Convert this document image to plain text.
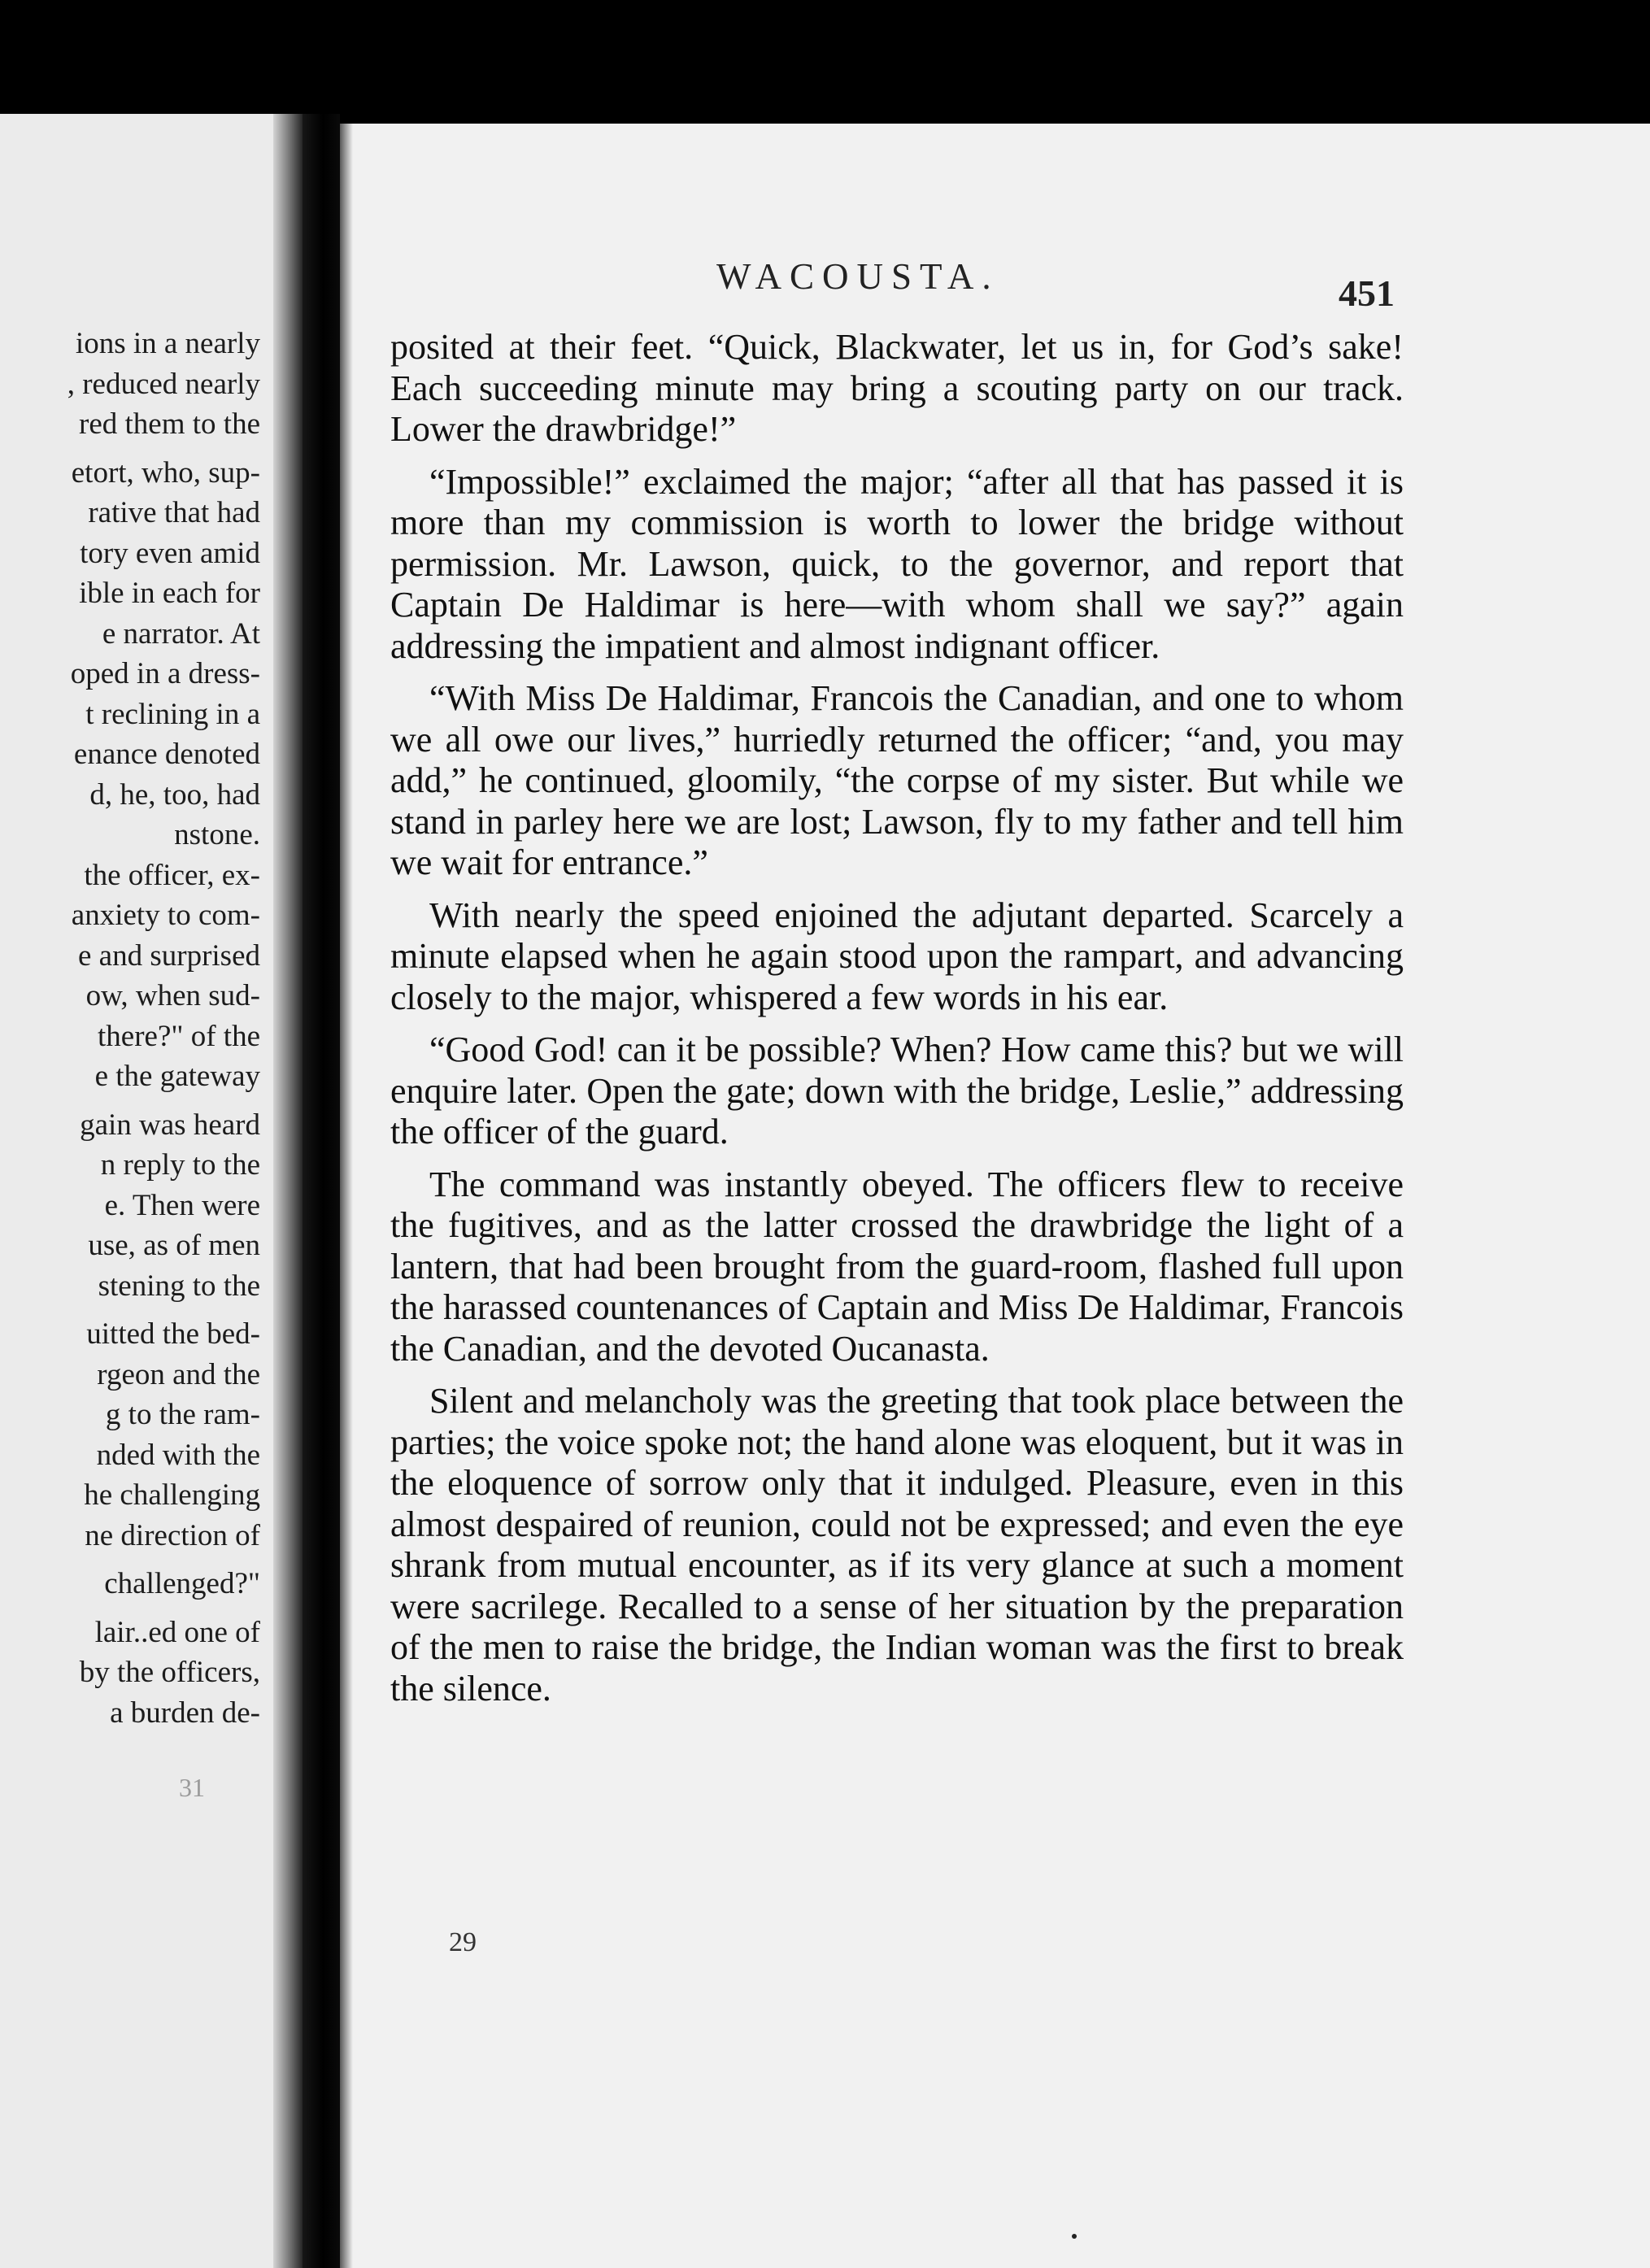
ions in a nearly
, reduced nearly
red them to the
etort, who, sup-
rative that had
tory even amid
ible in each for
e narrator. At
oped in a dress-
t reclining in a
enance denoted
d, he, too, had
nstone.
the officer, ex-
anxiety to com-
e and surprised
ow, when sud-
there?" of the
e the gateway
gain was heard
n reply to the
e. Then were
use, as of men
stening to the
uitted the bed-
rgeon and the
g to the ram-
nded with the
he challenging
ne direction of
challenged?"
lair..ed one of
by the officers,
a burden de-
31
WACOUSTA.	451

posited at their feet. “Quick, Blackwater, let us in, for God’s sake! Each succeeding minute may bring a scouting party on our track. Lower the drawbridge!”

“Impossible!” exclaimed the major; “after all that has passed it is more than my commission is worth to lower the bridge without permission. Mr. Lawson, quick, to the governor, and report that Captain De Haldimar is here—with whom shall we say?” again addressing the impatient and almost indignant officer.

“With Miss De Haldimar, Francois the Canadian, and one to whom we all owe our lives,” hurriedly returned the officer; “and, you may add,” he continued, gloomily, “the corpse of my sister. But while we stand in parley here we are lost; Lawson, fly to my father and tell him we wait for entrance.”

With nearly the speed enjoined the adjutant departed. Scarcely a minute elapsed when he again stood upon the rampart, and advancing closely to the major, whispered a few words in his ear.

“Good God! can it be possible? When? How came this? but we will enquire later. Open the gate; down with the bridge, Leslie,” addressing the officer of the guard.

The command was instantly obeyed. The officers flew to receive the fugitives, and as the latter crossed the drawbridge the light of a lantern, that had been brought from the guard-room, flashed full upon the harassed countenances of Captain and Miss De Haldimar, Francois the Canadian, and the devoted Oucanasta.

Silent and melancholy was the greeting that took place between the parties; the voice spoke not; the hand alone was eloquent, but it was in the eloquence of sorrow only that it indulged. Pleasure, even in this almost despaired of reunion, could not be expressed; and even the eye shrank from mutual encounter, as if its very glance at such a moment were sacrilege. Recalled to a sense of her situation by the preparation of the men to raise the bridge, the Indian woman was the first to break the silence.

29
